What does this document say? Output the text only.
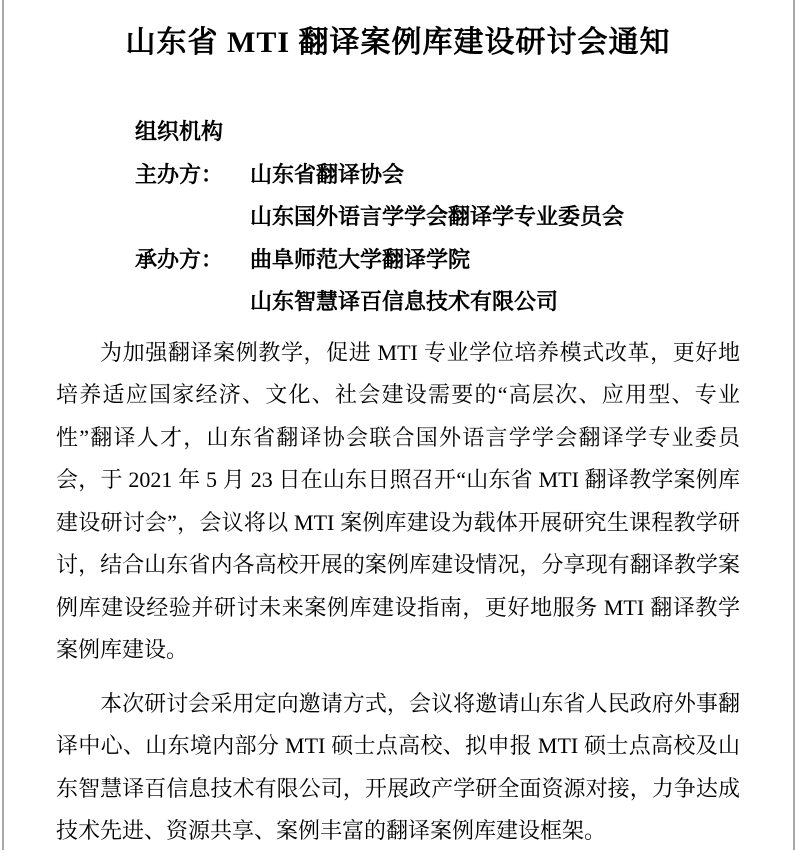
山东省 MTI 翻译案例库建设研讨会通知
组织机构
主办方：	山东省翻译协会
山东国外语言学学会翻译学专业委员会
承办方：	曲阜师范大学翻译学院
山东智慧译百信息技术有限公司

为加强翻译案例教学，促进 MTI 专业学位培养模式改革，更好地培养适应国家经济、文化、社会建设需要的“高层次、应用型、专业性”翻译人才，山东省翻译协会联合国外语言学学会翻译学专业委员会，于 2021 年 5 月 23 日在山东日照召开“山东省 MTI 翻译教学案例库建设研讨会”，会议将以 MTI 案例库建设为载体开展研究生课程教学研讨，结合山东省内各高校开展的案例库建设情况，分享现有翻译教学案例库建设经验并研讨未来案例库建设指南，更好地服务 MTI 翻译教学案例库建设。

本次研讨会采用定向邀请方式，会议将邀请山东省人民政府外事翻译中心、山东境内部分 MTI 硕士点高校、拟申报 MTI 硕士点高校及山东智慧译百信息技术有限公司，开展政产学研全面资源对接，力争达成技术先进、资源共享、案例丰富的翻译案例库建设框架。
